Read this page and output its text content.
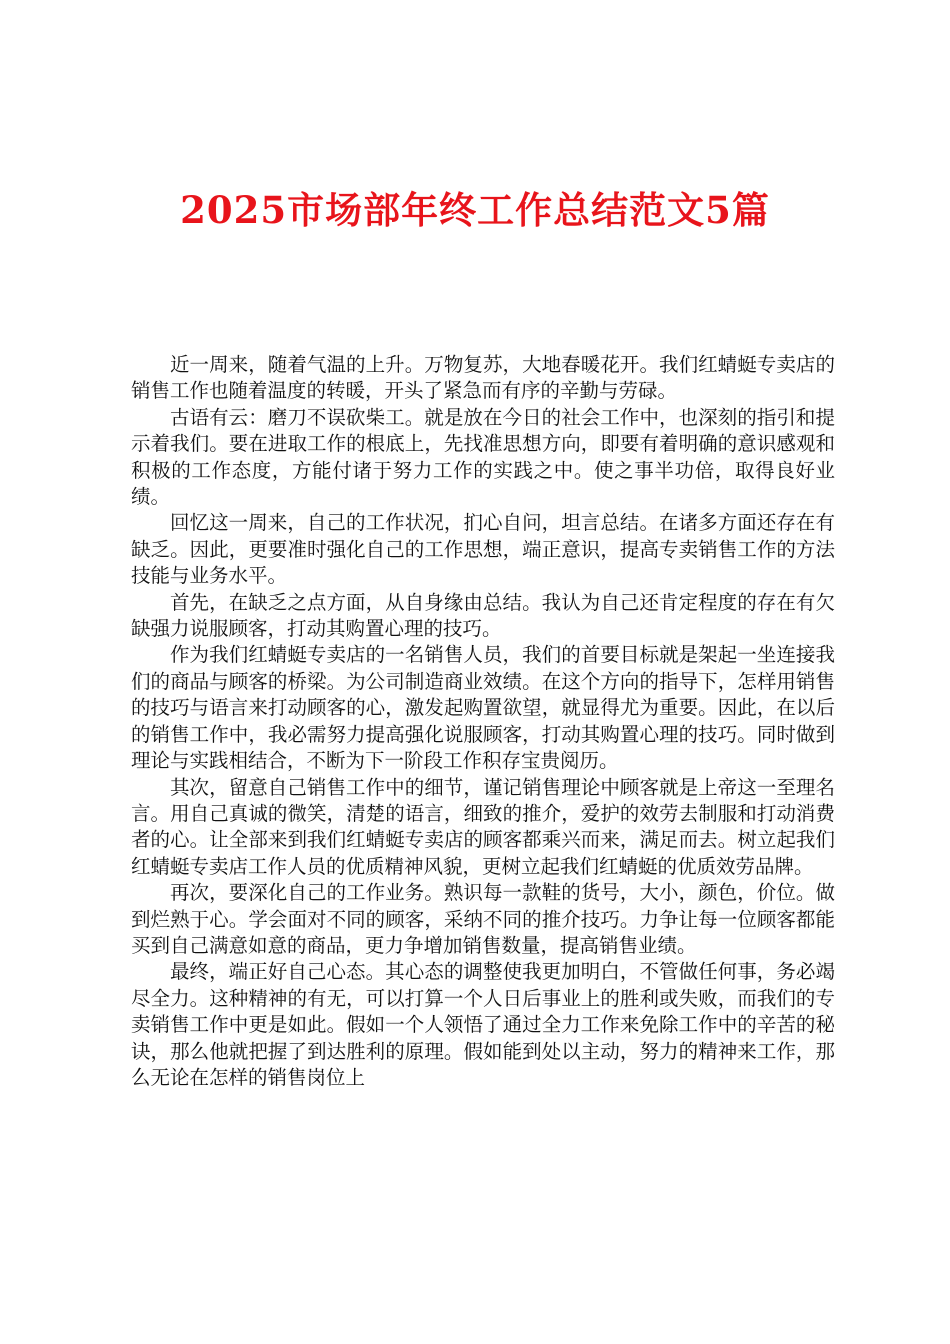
2025市场部年终工作总结范文5篇

近一周来，随着气温的上升。万物复苏，大地春暖花开。我们红蜻蜓专卖店的销售工作也随着温度的转暖，开头了紧急而有序的辛勤与劳碌。

古语有云：磨刀不误砍柴工。就是放在今日的社会工作中，也深刻的指引和提示着我们。要在进取工作的根底上，先找准思想方向，即要有着明确的意识感观和积极的工作态度，方能付诸于努力工作的实践之中。使之事半功倍，取得良好业绩。

回忆这一周来，自己的工作状况，扪心自问，坦言总结。在诸多方面还存在有缺乏。因此，更要准时强化自己的工作思想，端正意识，提高专卖销售工作的方法技能与业务水平。

首先，在缺乏之点方面，从自身缘由总结。我认为自己还肯定程度的存在有欠缺强力说服顾客，打动其购置心理的技巧。

作为我们红蜻蜓专卖店的一名销售人员，我们的首要目标就是架起一坐连接我们的商品与顾客的桥梁。为公司制造商业效绩。在这个方向的指导下，怎样用销售的技巧与语言来打动顾客的心，激发起购置欲望，就显得尤为重要。因此，在以后的销售工作中，我必需努力提高强化说服顾客，打动其购置心理的技巧。同时做到理论与实践相结合，不断为下一阶段工作积存宝贵阅历。

其次，留意自己销售工作中的细节，谨记销售理论中顾客就是上帝这一至理名言。用自己真诚的微笑，清楚的语言，细致的推介，爱护的效劳去制服和打动消费者的心。让全部来到我们红蜻蜓专卖店的顾客都乘兴而来，满足而去。树立起我们红蜻蜓专卖店工作人员的优质精神风貌，更树立起我们红蜻蜓的优质效劳品牌。

再次，要深化自己的工作业务。熟识每一款鞋的货号，大小，颜色，价位。做到烂熟于心。学会面对不同的顾客，采纳不同的推介技巧。力争让每一位顾客都能买到自己满意如意的商品，更力争增加销售数量，提高销售业绩。

最终，端正好自己心态。其心态的调整使我更加明白，不管做任何事，务必竭尽全力。这种精神的有无，可以打算一个人日后事业上的胜利或失败，而我们的专卖销售工作中更是如此。假如一个人领悟了通过全力工作来免除工作中的辛苦的秘诀，那么他就把握了到达胜利的原理。假如能到处以主动，努力的精神来工作，那么无论在怎样的销售岗位上
